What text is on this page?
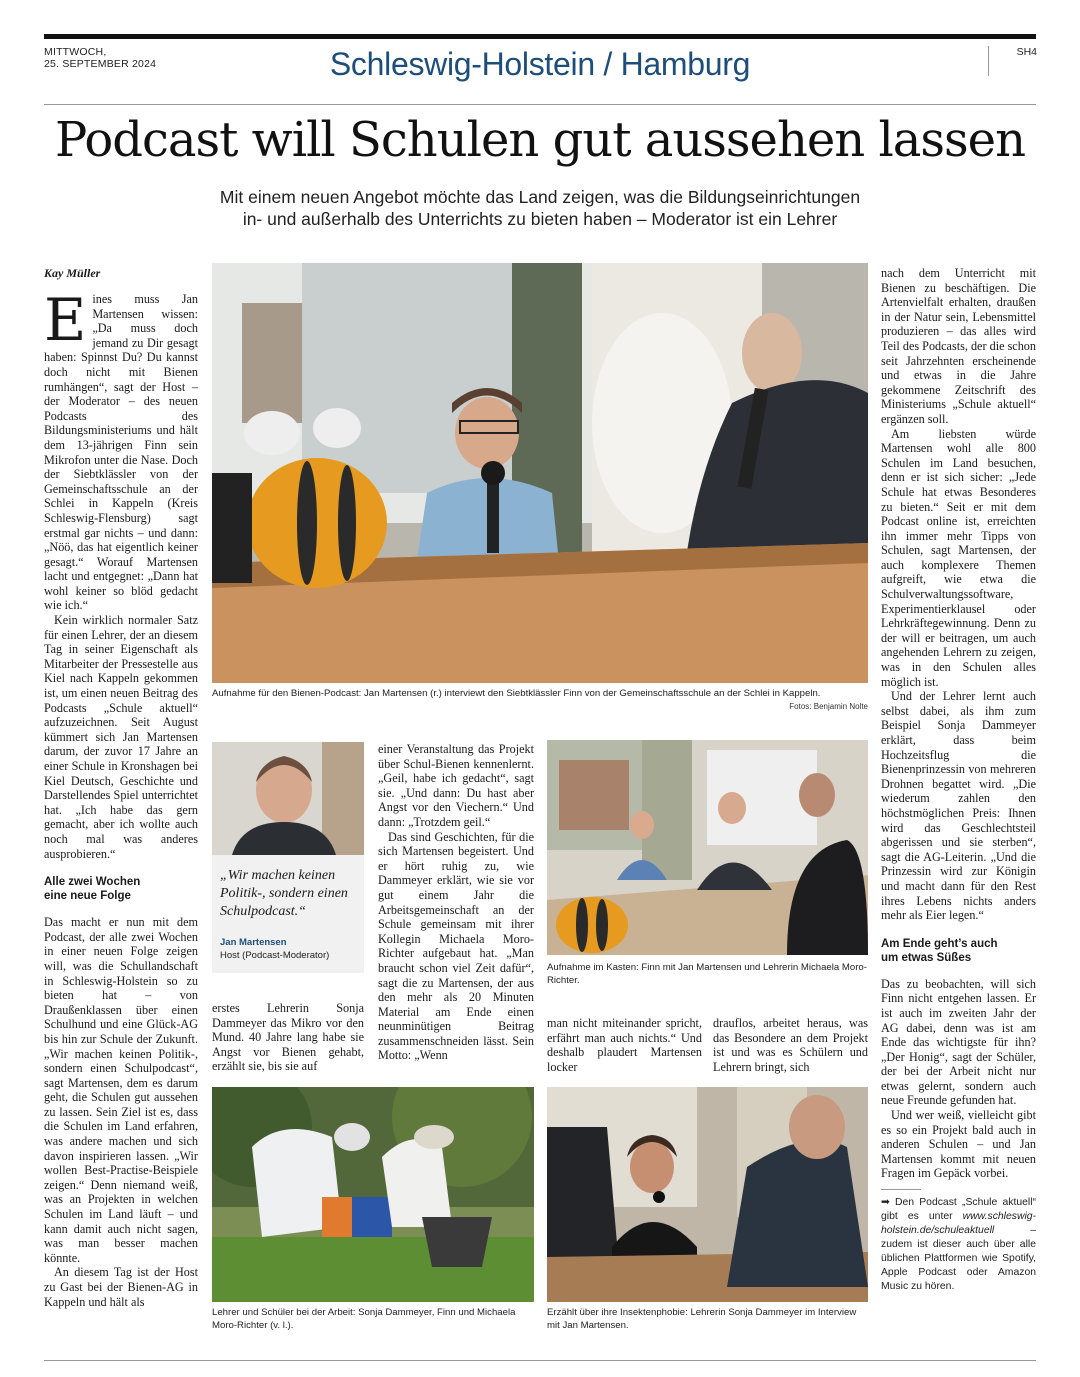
MITTWOCH,
25. SEPTEMBER 2024	Schleswig-Holstein / Hamburg	SH4
Podcast will Schulen gut aussehen lassen
Mit einem neuen Angebot möchte das Land zeigen, was die Bildungseinrichtungen
in- und außerhalb des Unterrichts zu bieten haben – Moderator ist ein Lehrer
Kay Müller

Eines muss Jan Martensen wissen: „Da muss doch jemand zu Dir gesagt haben: Spinnst Du? Du kannst doch nicht mit Bienen rumhängen“, sagt der Host – der Moderator – des neuen Podcasts des Bildungsministeriums und hält dem 13-jährigen Finn sein Mikrofon unter die Nase. Doch der Siebtklässler von der Gemeinschaftsschule an der Schlei in Kappeln (Kreis Schleswig-Flensburg) sagt erstmal gar nichts – und dann: „Nöö, das hat eigentlich keiner gesagt.“ Worauf Martensen lacht und entgegnet: „Dann hat wohl keiner so blöd gedacht wie ich.“

Kein wirklich normaler Satz für einen Lehrer, der an diesem Tag in seiner Eigenschaft als Mitarbeiter der Pressestelle aus Kiel nach Kappeln gekommen ist, um einen neuen Beitrag des Podcasts „Schule aktuell“ aufzuzeichnen. Seit August kümmert sich Jan Martensen darum, der zuvor 17 Jahre an einer Schule in Kronshagen bei Kiel Deutsch, Geschichte und Darstellendes Spiel unterrichtet hat. „Ich habe das gern gemacht, aber ich wollte auch noch mal was anderes ausprobieren.“

Alle zwei Wochen
eine neue Folge

Das macht er nun mit dem Podcast, der alle zwei Wochen in einer neuen Folge zeigen will, was die Schullandschaft in Schleswig-Holstein so zu bieten hat – von Draußenklassen über einen Schulhund und eine Glück-AG bis hin zur Schule der Zukunft. „Wir machen keinen Politik-, sondern einen Schulpodcast“, sagt Martensen, dem es darum geht, die Schulen gut aussehen zu lassen. Sein Ziel ist es, dass die Schulen im Land erfahren, was andere machen und sich davon inspirieren lassen. „Wir wollen Best-Practise-Beispiele zeigen.“ Denn niemand weiß, was an Projekten in welchen Schulen im Land läuft – und kann damit auch nicht sagen, was man besser machen könnte.

An diesem Tag ist der Host zu Gast bei der Bienen-AG in Kappeln und hält als

Aufnahme für den Bienen-Podcast: Jan Martensen (r.) interviewt den Siebtklässler Finn von der Gemeinschaftsschule an der Schlei in Kappeln.
Fotos: Benjamin Nolte
„Wir machen keinen Politik-, sondern einen Schulpodcast.“
Jan Martensen
Host (Podcast-Moderator)

erstes Lehrerin Sonja Dammeyer das Mikro vor den Mund. 40 Jahre lang habe sie Angst vor Bienen gehabt, erzählt sie, bis sie auf

einer Veranstaltung das Projekt über Schul-Bienen kennenlernt. „Geil, habe ich gedacht“, sagt sie. „Und dann: Du hast aber Angst vor den Viechern.“ Und dann: „Trotzdem geil.“

Das sind Geschichten, für die sich Martensen begeistert. Und er hört ruhig zu, wie Dammeyer erklärt, wie sie vor gut einem Jahr die Arbeitsgemeinschaft an der Schule gemeinsam mit ihrer Kollegin Michaela Moro-Richter aufgebaut hat. „Man braucht schon viel Zeit dafür“, sagt die zu Martensen, der aus den mehr als 20 Minuten Material am Ende einen neunminütigen Beitrag zusammenschneiden lässt. Sein Motto: „Wenn

Aufnahme im Kasten: Finn mit Jan Martensen und Lehrerin Michaela Moro-Richter.

man nicht miteinander spricht, erfährt man auch nichts.“ Und deshalb plaudert Martensen locker

drauflos, arbeitet heraus, was das Besondere an dem Projekt ist und was es Schülern und Lehrern bringt, sich

Lehrer und Schüler bei der Arbeit: Sonja Dammeyer, Finn und Michaela Moro-Richter (v. l.).
Erzählt über ihre Insektenphobie: Lehrerin Sonja Dammeyer im Interview mit Jan Martensen.

nach dem Unterricht mit Bienen zu beschäftigen. Die Artenvielfalt erhalten, draußen in der Natur sein, Lebensmittel produzieren – das alles wird Teil des Podcasts, der die schon seit Jahrzehnten erscheinende und etwas in die Jahre gekommene Zeitschrift des Ministeriums „Schule aktuell“ ergänzen soll.

Am liebsten würde Martensen wohl alle 800 Schulen im Land besuchen, denn er ist sich sicher: „Jede Schule hat etwas Besonderes zu bieten.“ Seit er mit dem Podcast online ist, erreichten ihn immer mehr Tipps von Schulen, sagt Martensen, der auch komplexere Themen aufgreift, wie etwa die Schulverwaltungssoftware, Experimentierklausel oder Lehrkräftegewinnung. Denn zu der will er beitragen, um auch angehenden Lehrern zu zeigen, was in den Schulen alles möglich ist.

Und der Lehrer lernt auch selbst dabei, als ihm zum Beispiel Sonja Dammeyer erklärt, dass beim Hochzeitsflug die Bienenprinzessin von mehreren Drohnen begattet wird. „Die wiederum zahlen den höchstmöglichen Preis: Ihnen wird das Geschlechtsteil abgerissen und sie sterben“, sagt die AG-Leiterin. „Und die Prinzessin wird zur Königin und macht dann für den Rest ihres Lebens nichts anders mehr als Eier legen.“

Am Ende geht’s auch
um etwas Süßes

Das zu beobachten, will sich Finn nicht entgehen lassen. Er ist auch im zweiten Jahr der AG dabei, denn was ist am Ende das wichtigste für ihn? „Der Honig“, sagt der Schüler, der bei der Arbeit nicht nur etwas gelernt, sondern auch neue Freunde gefunden hat.

Und wer weiß, vielleicht gibt es so ein Projekt bald auch in anderen Schulen – und Jan Martensen kommt mit neuen Fragen im Gepäck vorbei.

➡ Den Podcast „Schule aktuell“ gibt es unter www.schleswig-holstein.de/schuleaktuell – zudem ist dieser auch über alle üblichen Plattformen wie Spotify, Apple Podcast oder Amazon Music zu hören.
